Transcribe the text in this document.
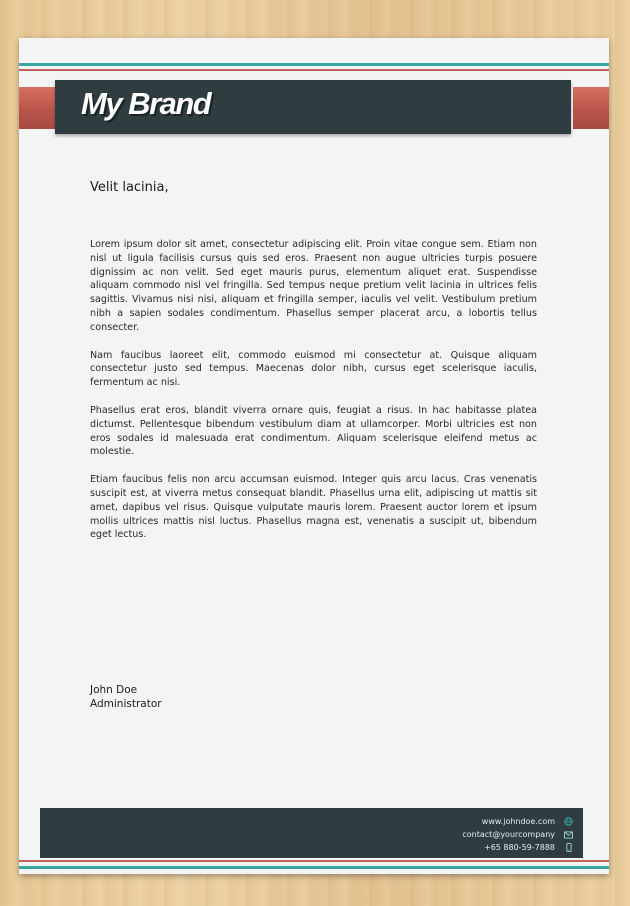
My Brand
Velit lacinia,

Lorem ipsum dolor sit amet, consectetur adipiscing elit. Proin vitae congue sem. Etiam non nisl ut ligula facilisis cursus quis sed eros. Praesent non augue ultricies turpis posuere dignissim ac non velit. Sed eget mauris purus, elementum aliquet erat. Suspendisse aliquam commodo nisl vel fringilla. Sed tempus neque pretium velit lacinia in ultrices felis sagittis. Vivamus nisi nisi, aliquam et fringilla semper, iaculis vel velit. Vestibulum pretium nibh a sapien sodales condimentum. Phasellus semper placerat arcu, a lobortis tellus consecter.

Nam faucibus laoreet elit, commodo euismod mi consectetur at. Quisque aliquam consectetur justo sed tempus. Maecenas dolor nibh, cursus eget scelerisque iaculis, fermentum ac nisi.

Phasellus erat eros, blandit viverra ornare quis, feugiat a risus. In hac habitasse platea dictumst. Pellentesque bibendum vestibulum diam at ullamcorper. Morbi ultricies est non eros sodales id malesuada erat condimentum. Aliquam scelerisque eleifend metus ac molestie.

Etiam faucibus felis non arcu accumsan euismod. Integer quis arcu lacus. Cras venenatis suscipit est, at viverra metus consequat blandit. Phasellus urna elit, adipiscing ut mattis sit amet, dapibus vel risus. Quisque vulputate mauris lorem. Praesent auctor lorem et ipsum mollis ultrices mattis nisl luctus. Phasellus magna est, venenatis a suscipit ut, bibendum eget lectus.

John Doe
Administrator
www.johndoe.com
contact@yourcompany
+65 880-59-7888
